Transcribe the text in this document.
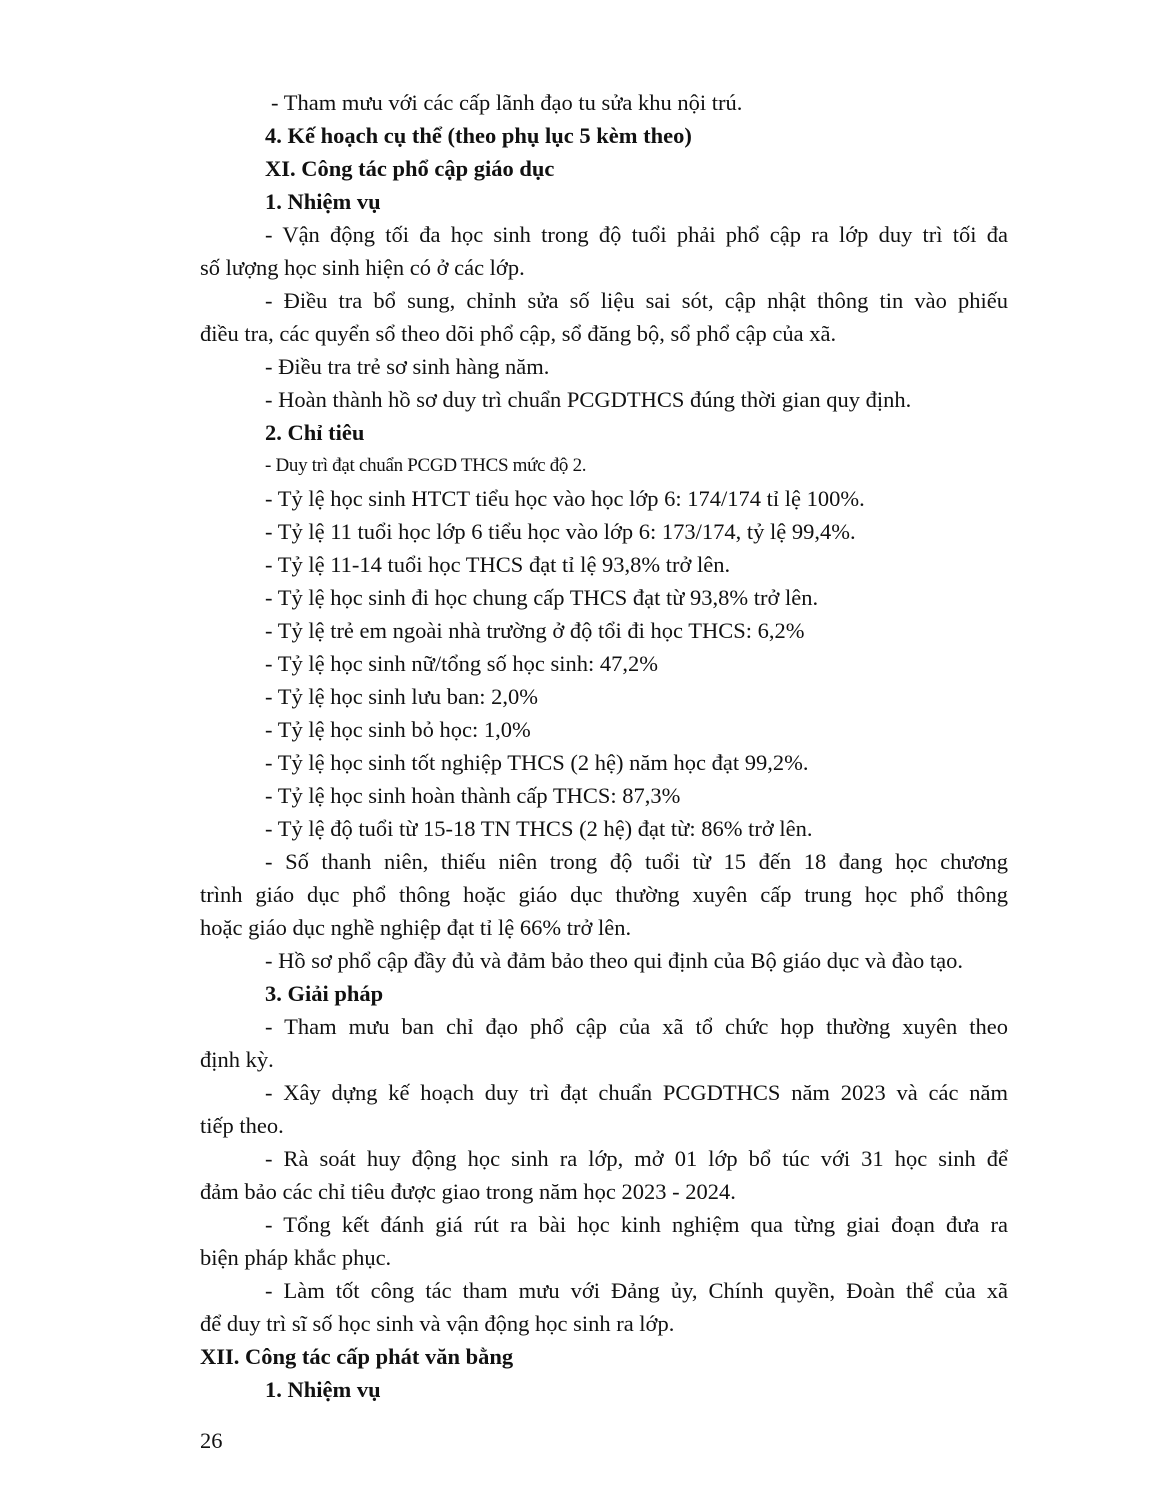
- Tham mưu với các cấp lãnh đạo tu sửa khu nội trú.
4. Kế hoạch cụ thể (theo phụ lục 5 kèm theo)
XI. Công tác phổ cập giáo dục
1. Nhiệm vụ
- Vận động tối đa học sinh trong độ tuổi phải phổ cập ra lớp duy trì tối đa
số lượng học sinh hiện có ở các lớp.
- Điều tra bổ sung, chỉnh sửa số liệu sai sót, cập nhật thông tin vào phiếu
điều tra, các quyển sổ theo dõi phổ cập, sổ đăng bộ, sổ phổ cập của xã.
- Điều tra trẻ sơ sinh hàng năm.
- Hoàn thành hồ sơ duy trì chuẩn PCGDTHCS đúng thời gian quy định.
2. Chỉ tiêu
- Duy trì đạt chuẩn PCGD THCS mức độ 2.
- Tỷ lệ học sinh HTCT tiểu học vào học lớp 6: 174/174 tỉ lệ 100%.
- Tỷ lệ 11 tuổi học lớp 6 tiểu học vào lớp 6: 173/174, tỷ lệ 99,4%.
- Tỷ lệ 11-14 tuổi học THCS đạt tỉ lệ 93,8% trở lên.
- Tỷ lệ học sinh đi học chung cấp THCS đạt từ 93,8% trở lên.
- Tỷ lệ trẻ em ngoài nhà trường ở độ tổi đi học THCS: 6,2%
- Tỷ lệ học sinh nữ/tổng số học sinh: 47,2%
- Tỷ lệ học sinh lưu ban: 2,0%
- Tỷ lệ học sinh bỏ học: 1,0%
- Tỷ lệ học sinh tốt nghiệp THCS (2 hệ) năm học đạt 99,2%.
- Tỷ lệ học sinh hoàn thành cấp THCS: 87,3%
- Tỷ lệ độ tuổi từ 15-18 TN THCS (2 hệ) đạt từ: 86% trở lên.
- Số thanh niên, thiếu niên trong độ tuổi từ 15 đến 18 đang học chương
trình giáo dục phổ thông hoặc giáo dục thường xuyên cấp trung học phổ thông
hoặc giáo dục nghề nghiệp đạt tỉ lệ 66% trở lên.
- Hồ sơ phổ cập đầy đủ và đảm bảo theo qui định của Bộ giáo dục và đào tạo.
3. Giải pháp
- Tham mưu ban chỉ đạo phổ cập của xã tổ chức họp thường xuyên theo
định kỳ.
- Xây dựng kế hoạch duy trì đạt chuẩn PCGDTHCS năm 2023 và các năm
tiếp theo.
- Rà soát huy động học sinh ra lớp, mở 01 lớp bổ túc với 31 học sinh để
đảm bảo các chỉ tiêu được giao trong năm học 2023 - 2024.
- Tổng kết đánh giá rút ra bài học kinh nghiệm qua từng giai đoạn đưa ra
biện pháp khắc phục.
- Làm tốt công tác tham mưu với Đảng ủy, Chính quyền, Đoàn thể của xã
để duy trì sĩ số học sinh và vận động học sinh ra lớp.
XII. Công tác cấp phát văn bằng
1. Nhiệm vụ
26
